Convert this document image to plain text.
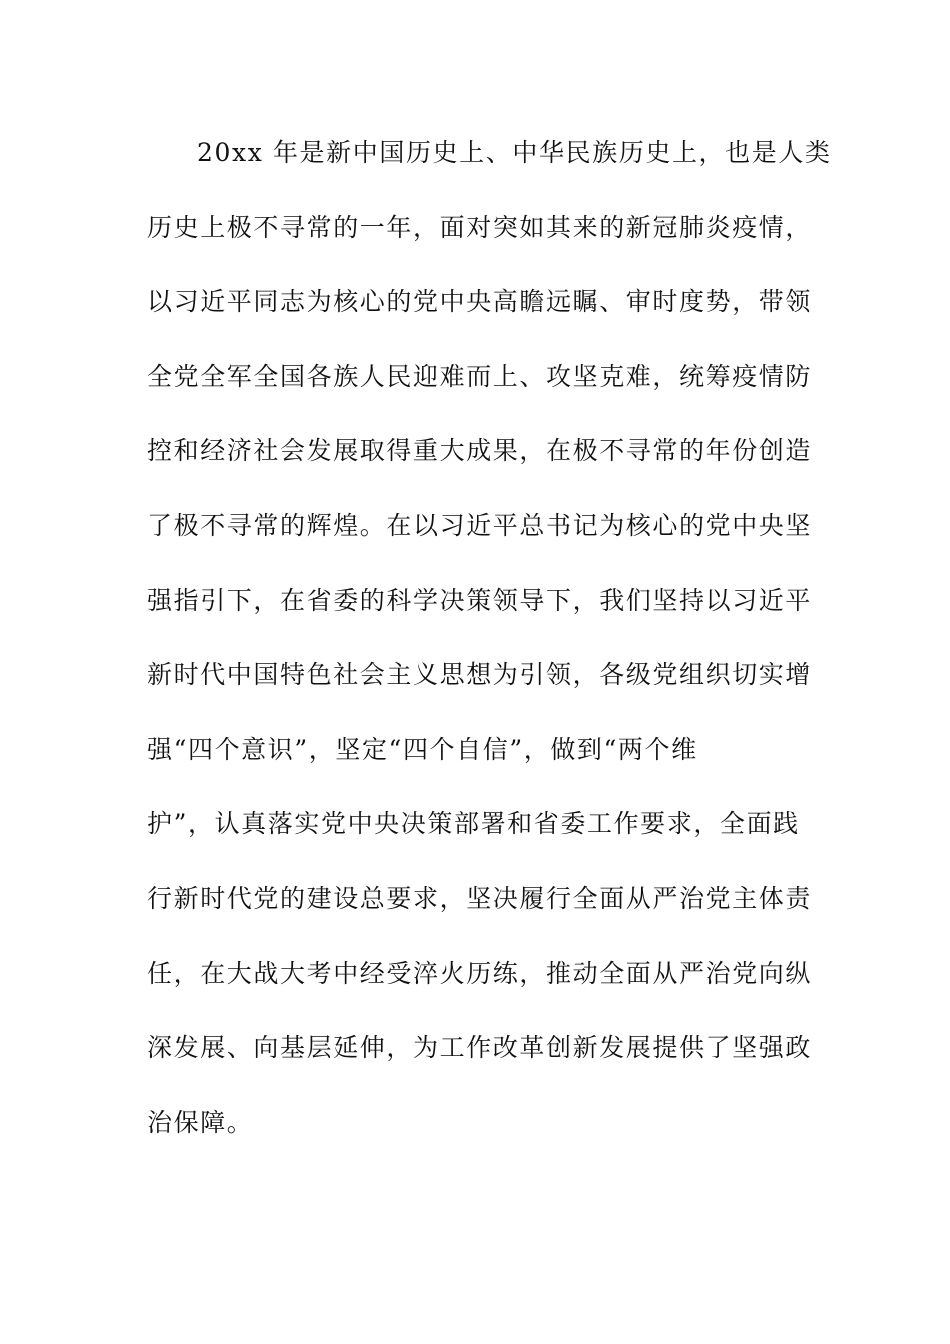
20xx 年是新中国历史上、中华民族历史上，也是人类
历史上极不寻常的一年，面对突如其来的新冠肺炎疫情，
以习近平同志为核心的党中央高瞻远瞩、审时度势，带领
全党全军全国各族人民迎难而上、攻坚克难，统筹疫情防
控和经济社会发展取得重大成果，在极不寻常的年份创造
了极不寻常的辉煌。在以习近平总书记为核心的党中央坚
强指引下，在省委的科学决策领导下，我们坚持以习近平
新时代中国特色社会主义思想为引领，各级党组织切实增
强“四个意识”，坚定“四个自信”，做到“两个维
护”，认真落实党中央决策部署和省委工作要求，全面践
行新时代党的建设总要求，坚决履行全面从严治党主体责
任，在大战大考中经受淬火历练，推动全面从严治党向纵
深发展、向基层延伸，为工作改革创新发展提供了坚强政
治保障。
